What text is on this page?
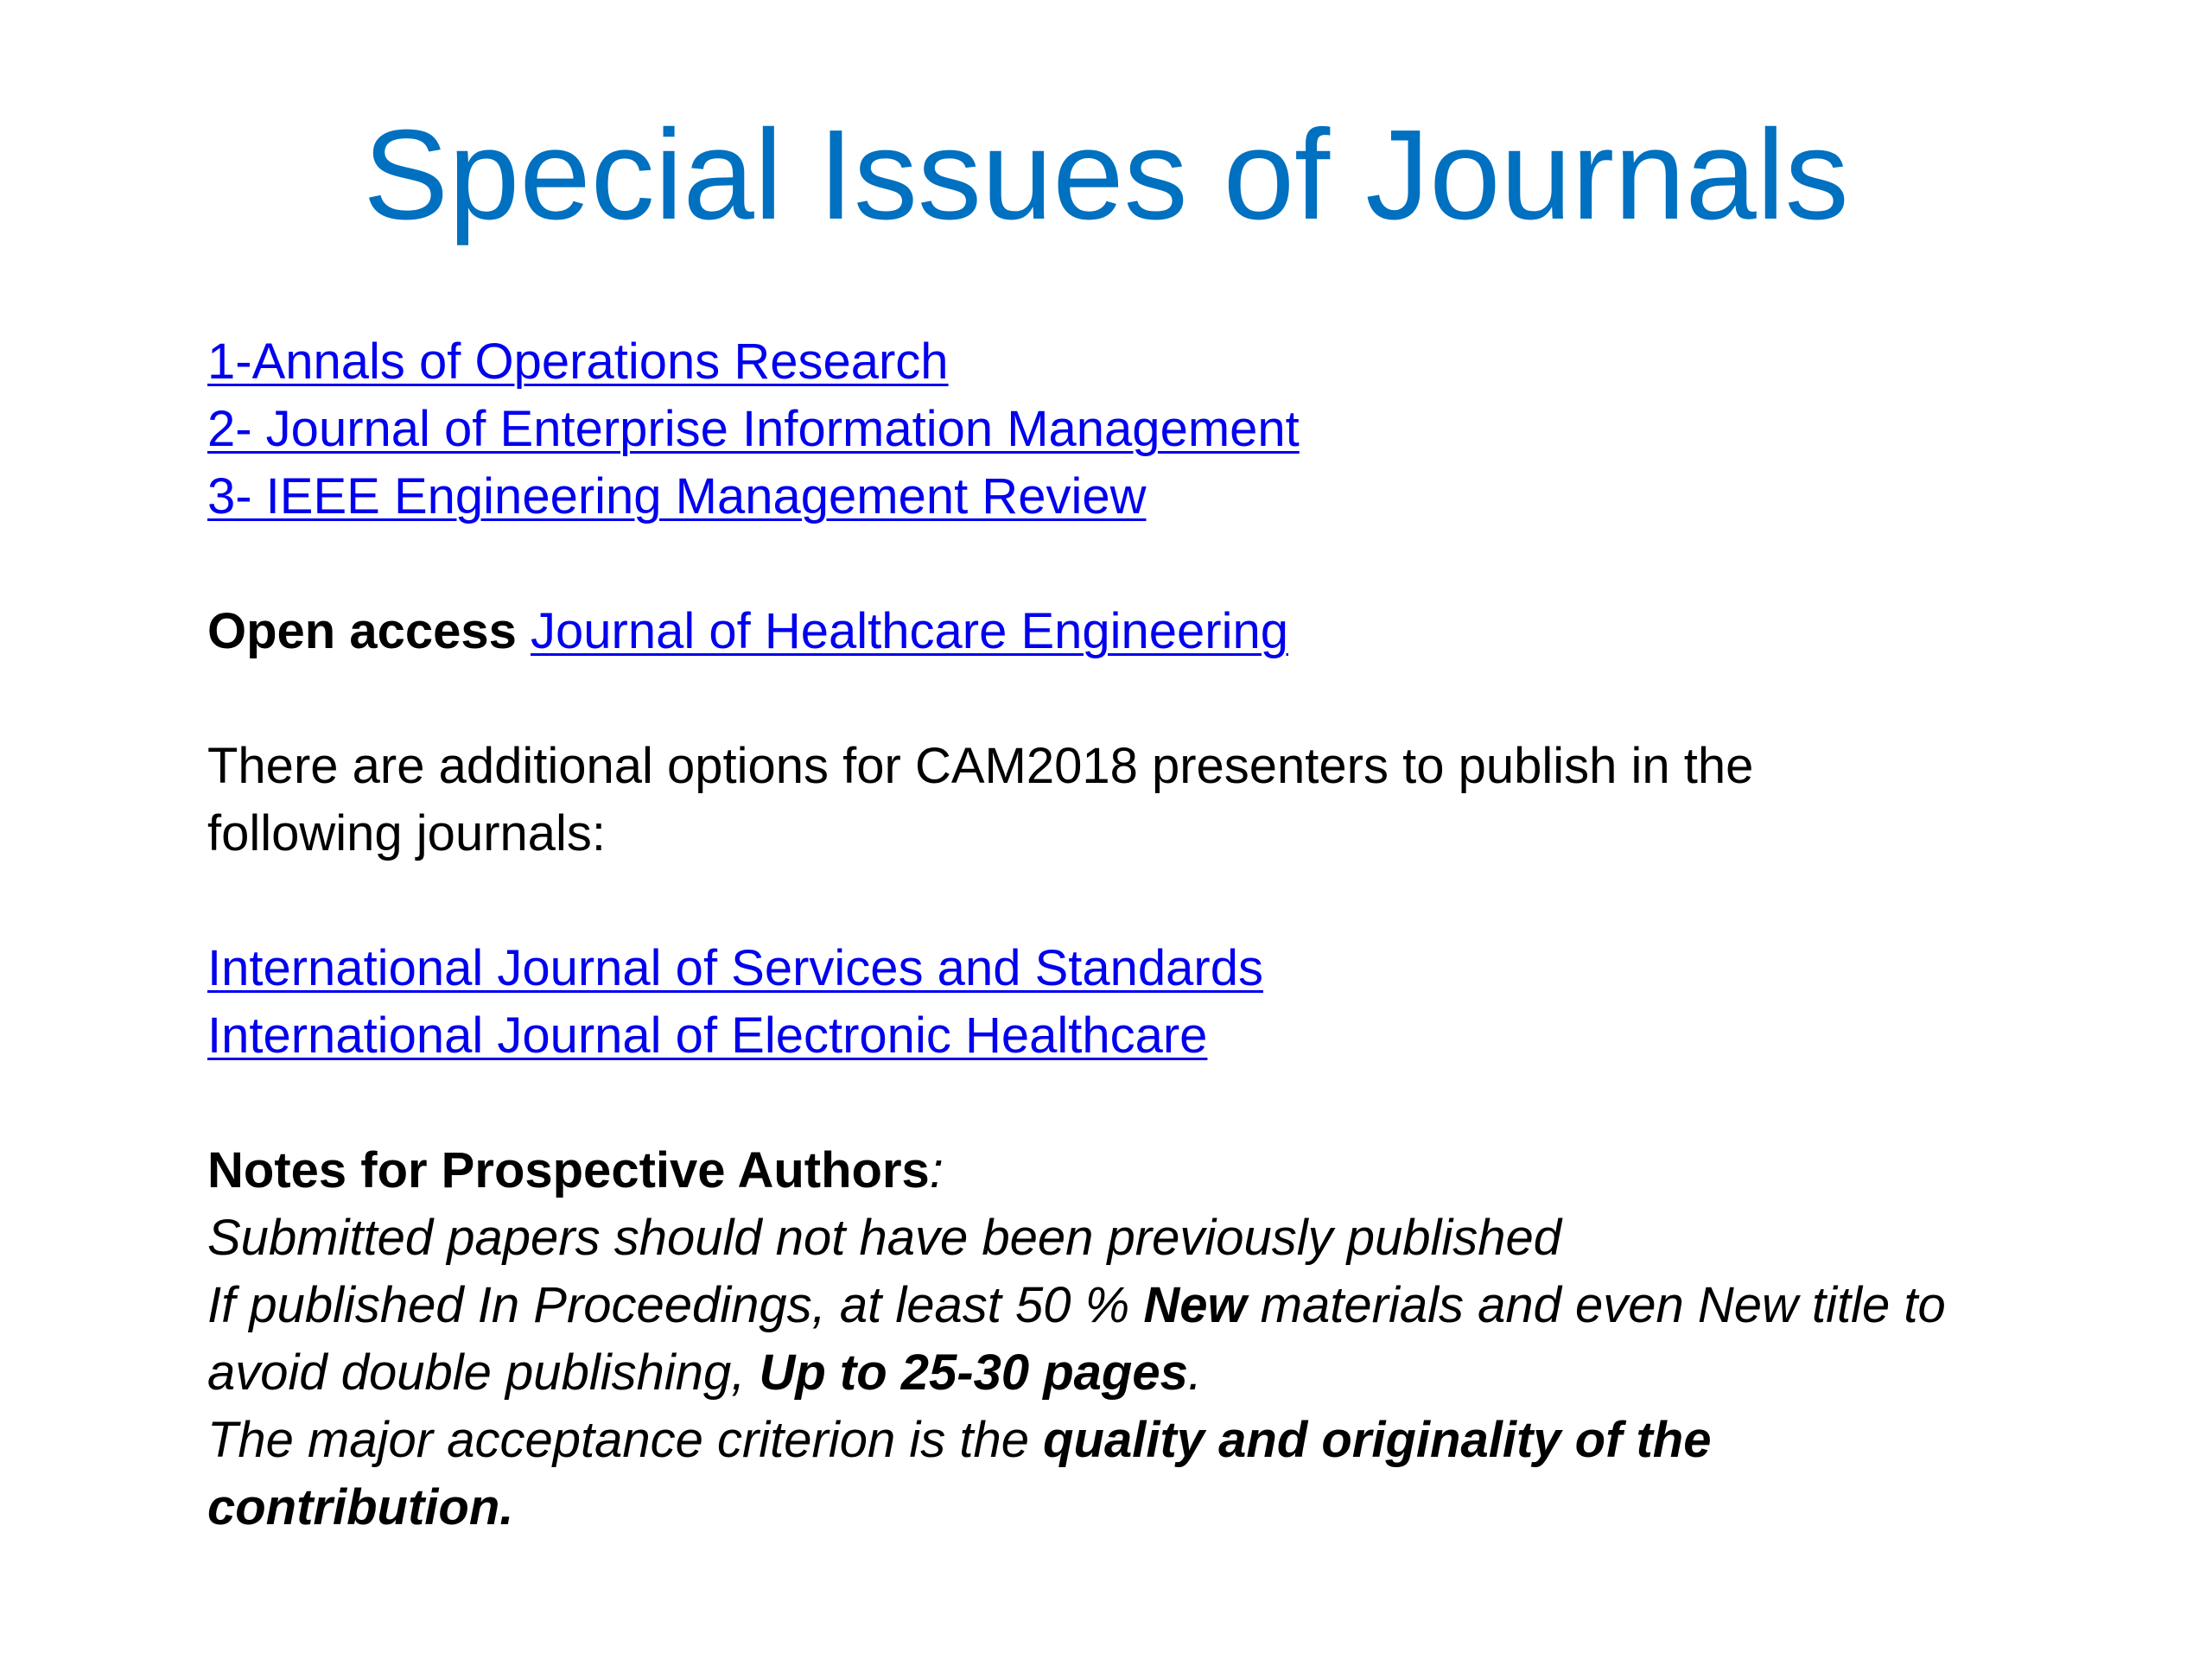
Special Issues of Journals
1-Annals of Operations Research
2- Journal of Enterprise Information Management
3- IEEE Engineering Management Review
Open access Journal of Healthcare Engineering
There are additional options for CAM2018 presenters to publish in the
following journals:
International Journal of Services and Standards
International Journal of Electronic Healthcare
Notes for Prospective Authors:
Submitted papers should not have been previously published
If published In Proceedings, at least 50 % New materials and even New title to
avoid double publishing, Up to 25-30 pages.
The major acceptance criterion is the quality and originality of the
contribution.
